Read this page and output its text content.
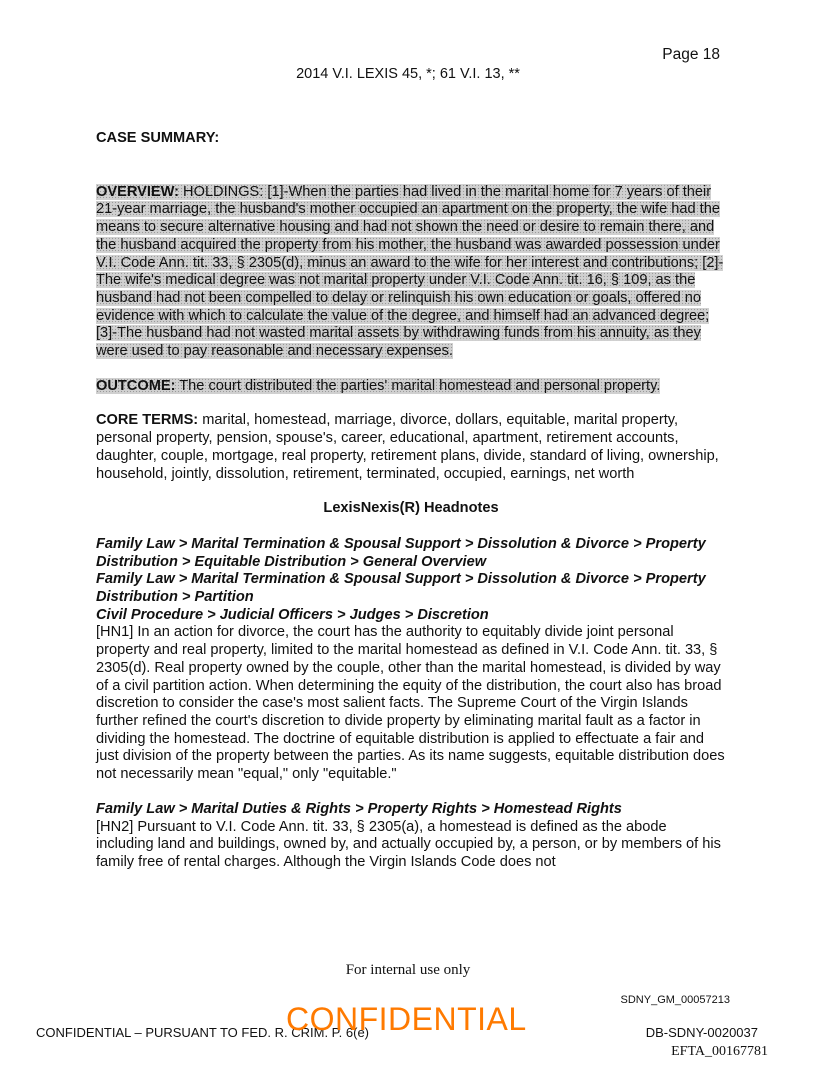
Page 18
2014 V.I. LEXIS 45, *; 61 V.I. 13, **

CASE SUMMARY:

OVERVIEW: HOLDINGS: [1]-When the parties had lived in the marital home for 7 years of their 21-year marriage, the husband's mother occupied an apartment on the property, the wife had the means to secure alternative housing and had not shown the need or desire to remain there, and the husband acquired the property from his mother, the husband was awarded possession under V.I. Code Ann. tit. 33, § 2305(d), minus an award to the wife for her interest and contributions; [2]-The wife's medical degree was not marital property under V.I. Code Ann. tit. 16, § 109, as the husband had not been compelled to delay or relinquish his own education or goals, offered no evidence with which to calculate the value of the degree, and himself had an advanced degree; [3]-The husband had not wasted marital assets by withdrawing funds from his annuity, as they were used to pay reasonable and necessary expenses.

OUTCOME: The court distributed the parties' marital homestead and personal property.

CORE TERMS: marital, homestead, marriage, divorce, dollars, equitable, marital property, personal property, pension, spouse's, career, educational, apartment, retirement accounts, daughter, couple, mortgage, real property, retirement plans, divide, standard of living, ownership, household, jointly, dissolution, retirement, terminated, occupied, earnings, net worth

LexisNexis(R) Headnotes

Family Law > Marital Termination & Spousal Support > Dissolution & Divorce > Property Distribution > Equitable Distribution > General Overview

Family Law > Marital Termination & Spousal Support > Dissolution & Divorce > Property Distribution > Partition

Civil Procedure > Judicial Officers > Judges > Discretion

[HN1] In an action for divorce, the court has the authority to equitably divide joint personal property and real property, limited to the marital homestead as defined in V.I. Code Ann. tit. 33, § 2305(d). Real property owned by the couple, other than the marital homestead, is divided by way of a civil partition action. When determining the equity of the distribution, the court also has broad discretion to consider the case's most salient facts. The Supreme Court of the Virgin Islands further refined the court's discretion to divide property by eliminating marital fault as a factor in dividing the homestead. The doctrine of equitable distribution is applied to effectuate a fair and just division of the property between the parties. As its name suggests, equitable distribution does not necessarily mean "equal," only "equitable."

Family Law > Marital Duties & Rights > Property Rights > Homestead Rights

[HN2] Pursuant to V.I. Code Ann. tit. 33, § 2305(a), a homestead is defined as the abode including land and buildings, owned by, and actually occupied by, a person, or by members of his family free of rental charges. Although the Virgin Islands Code does not

For internal use only
SDNY_GM_00057213
CONFIDENTIAL – PURSUANT TO FED. R. CRIM. P. 6(e)
CONFIDENTIAL	DB-SDNY-0020037
EFTA_00167781
